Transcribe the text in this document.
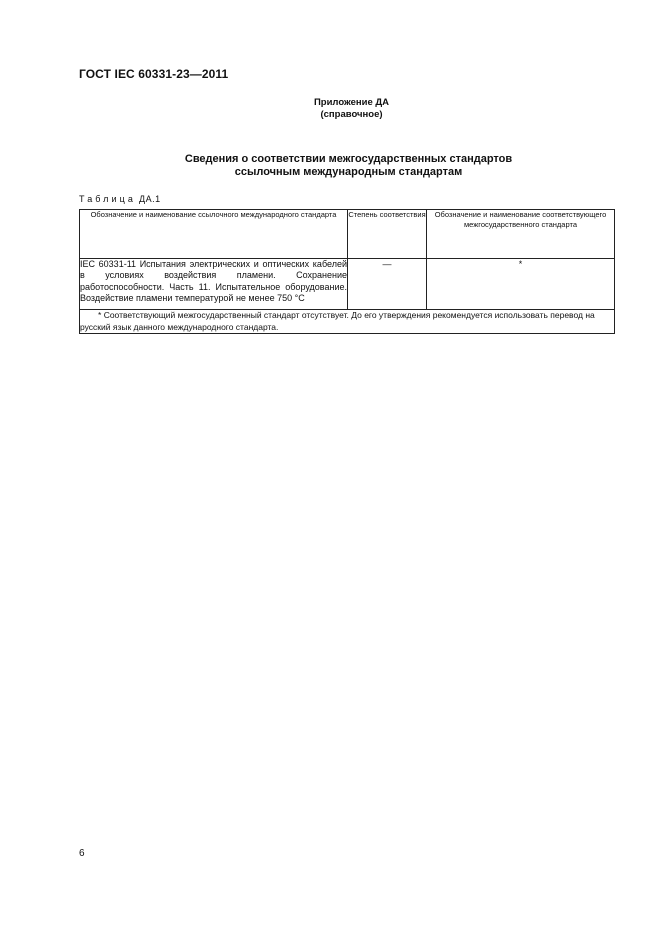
ГОСТ IEC 60331-23—2011
Приложение ДА
(справочное)
Сведения о соответствии межгосударственных стандартов
ссылочным международным стандартам
Таблица ДА.1
Обозначение и наименование ссылочного международного стандарта	Степень соответствия	Обозначение и наименование соответствующего межгосударственного стандарта
IEC 60331-11 Испытания электрических и оптических кабелей в условиях воздействия пламени. Сохранение работоспособности. Часть 11. Испытательное оборудование. Воздействие пламени температурой не менее 750 °С	—	*
* Соответствующий межгосударственный стандарт отсутствует. До его утверждения рекомендуется использовать перевод на русский язык данного международного стандарта.		
6
